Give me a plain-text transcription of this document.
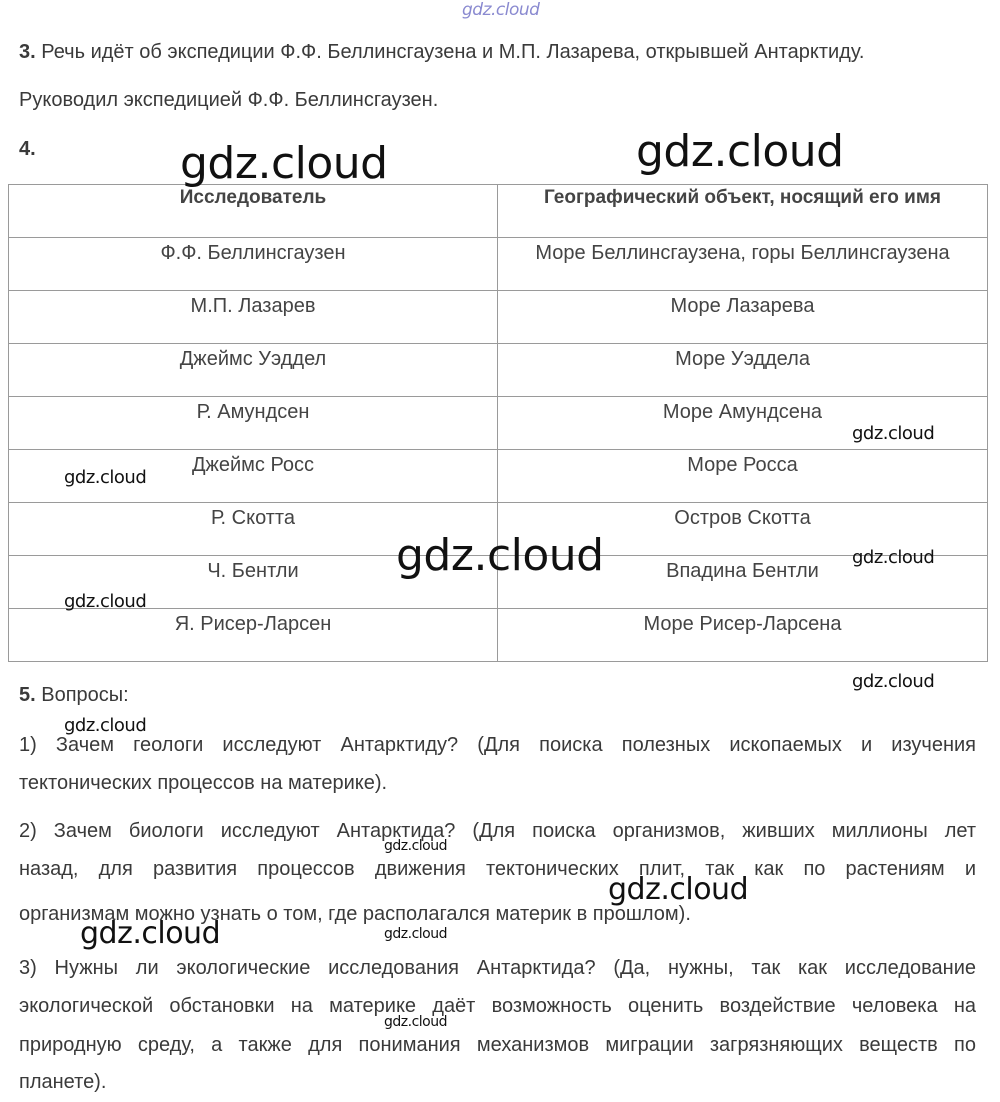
3. Речь идёт об экспедиции Ф.Ф. Беллинсгаузена и М.П. Лазарева, открывшей Антарктиду.

Руководил экспедицией Ф.Ф. Беллинсгаузен.

4.

Исследователь	Географический объект, носящий его имя
Ф.Ф. Беллинсгаузен	Море Беллинсгаузена, горы Беллинсгаузена
М.П. Лазарев	Море Лазарева
Джеймс Уэддел	Море Уэддела
Р. Амундсен	Море Амундсена
Джеймс Росс	Море Росса
Р. Скотта	Остров Скотта
Ч. Бентли	Впадина Бентли
Я. Рисер-Ларсен	Море Рисер-Ларсена

5. Вопросы:

1) Зачем геологи исследуют Антарктиду? (Для поиска полезных ископаемых и изучения

тектонических процессов на материке).

2) Зачем биологи исследуют Антарктида? (Для поиска организмов, живших миллионы лет

назад, для развития процессов движения тектонических плит, так как по растениям и

организмам можно узнать о том, где располагался материк в прошлом).

3) Нужны ли экологические исследования Антарктида? (Да, нужны, так как исследование

экологической обстановки на материке даёт возможность оценить воздействие человека на

природную среду, а также для понимания механизмов миграции загрязняющих веществ по

планете).

gdz.cloud
gdz.cloud	gdz.cloud
gdz.cloud
gdz.cloud
gdz.cloud	gdz.cloud
gdz.cloud
gdz.cloud
gdz.cloud
gdz.cloud
gdz.cloud
gdz.cloud	gdz.cloud
gdz.cloud
